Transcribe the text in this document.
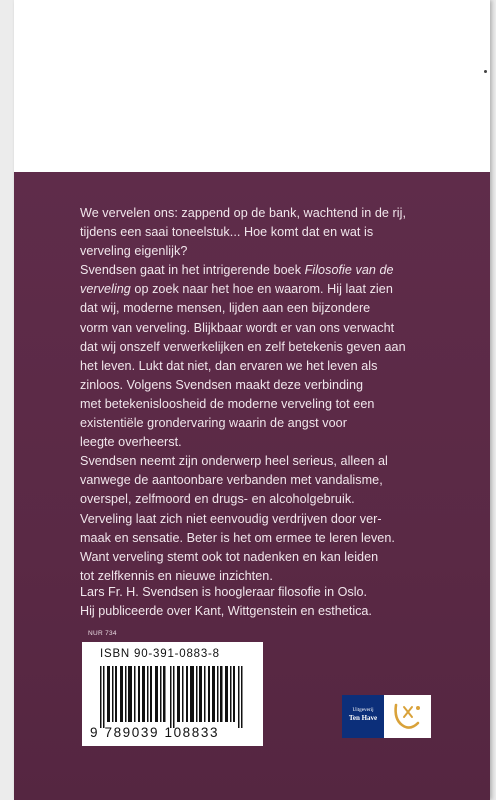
We vervelen ons: zappend op de bank, wachtend in de rij,

tijdens een saai toneelstuk... Hoe komt dat en wat is

verveling eigenlijk?

Svendsen gaat in het intrigerende boek Filosofie van de

verveling op zoek naar het hoe en waarom. Hij laat zien

dat wij, moderne mensen, lijden aan een bijzondere

vorm van verveling. Blijkbaar wordt er van ons verwacht

dat wij onszelf verwerkelijken en zelf betekenis geven aan

het leven. Lukt dat niet, dan ervaren we het leven als

zinloos. Volgens Svendsen maakt deze verbinding

met betekenisloosheid de moderne verveling tot een

existentiële grondervaring waarin de angst voor

leegte overheerst.

Svendsen neemt zijn onderwerp heel serieus, alleen al

vanwege de aantoonbare verbanden met vandalisme,

overspel, zelfmoord en drugs- en alcoholgebruik.

Verveling laat zich niet eenvoudig verdrijven door ver-

maak en sensatie. Beter is het om ermee te leren leven.

Want verveling stemt ook tot nadenken en kan leiden

tot zelfkennis en nieuwe inzichten.

Lars Fr. H. Svendsen is hoogleraar filosofie in Oslo.
Hij publiceerde over Kant, Wittgenstein en esthetica.
NUR 734
ISBN 90-391-0883-8
9 789039 108833
Uitgeverij
Ten Have
